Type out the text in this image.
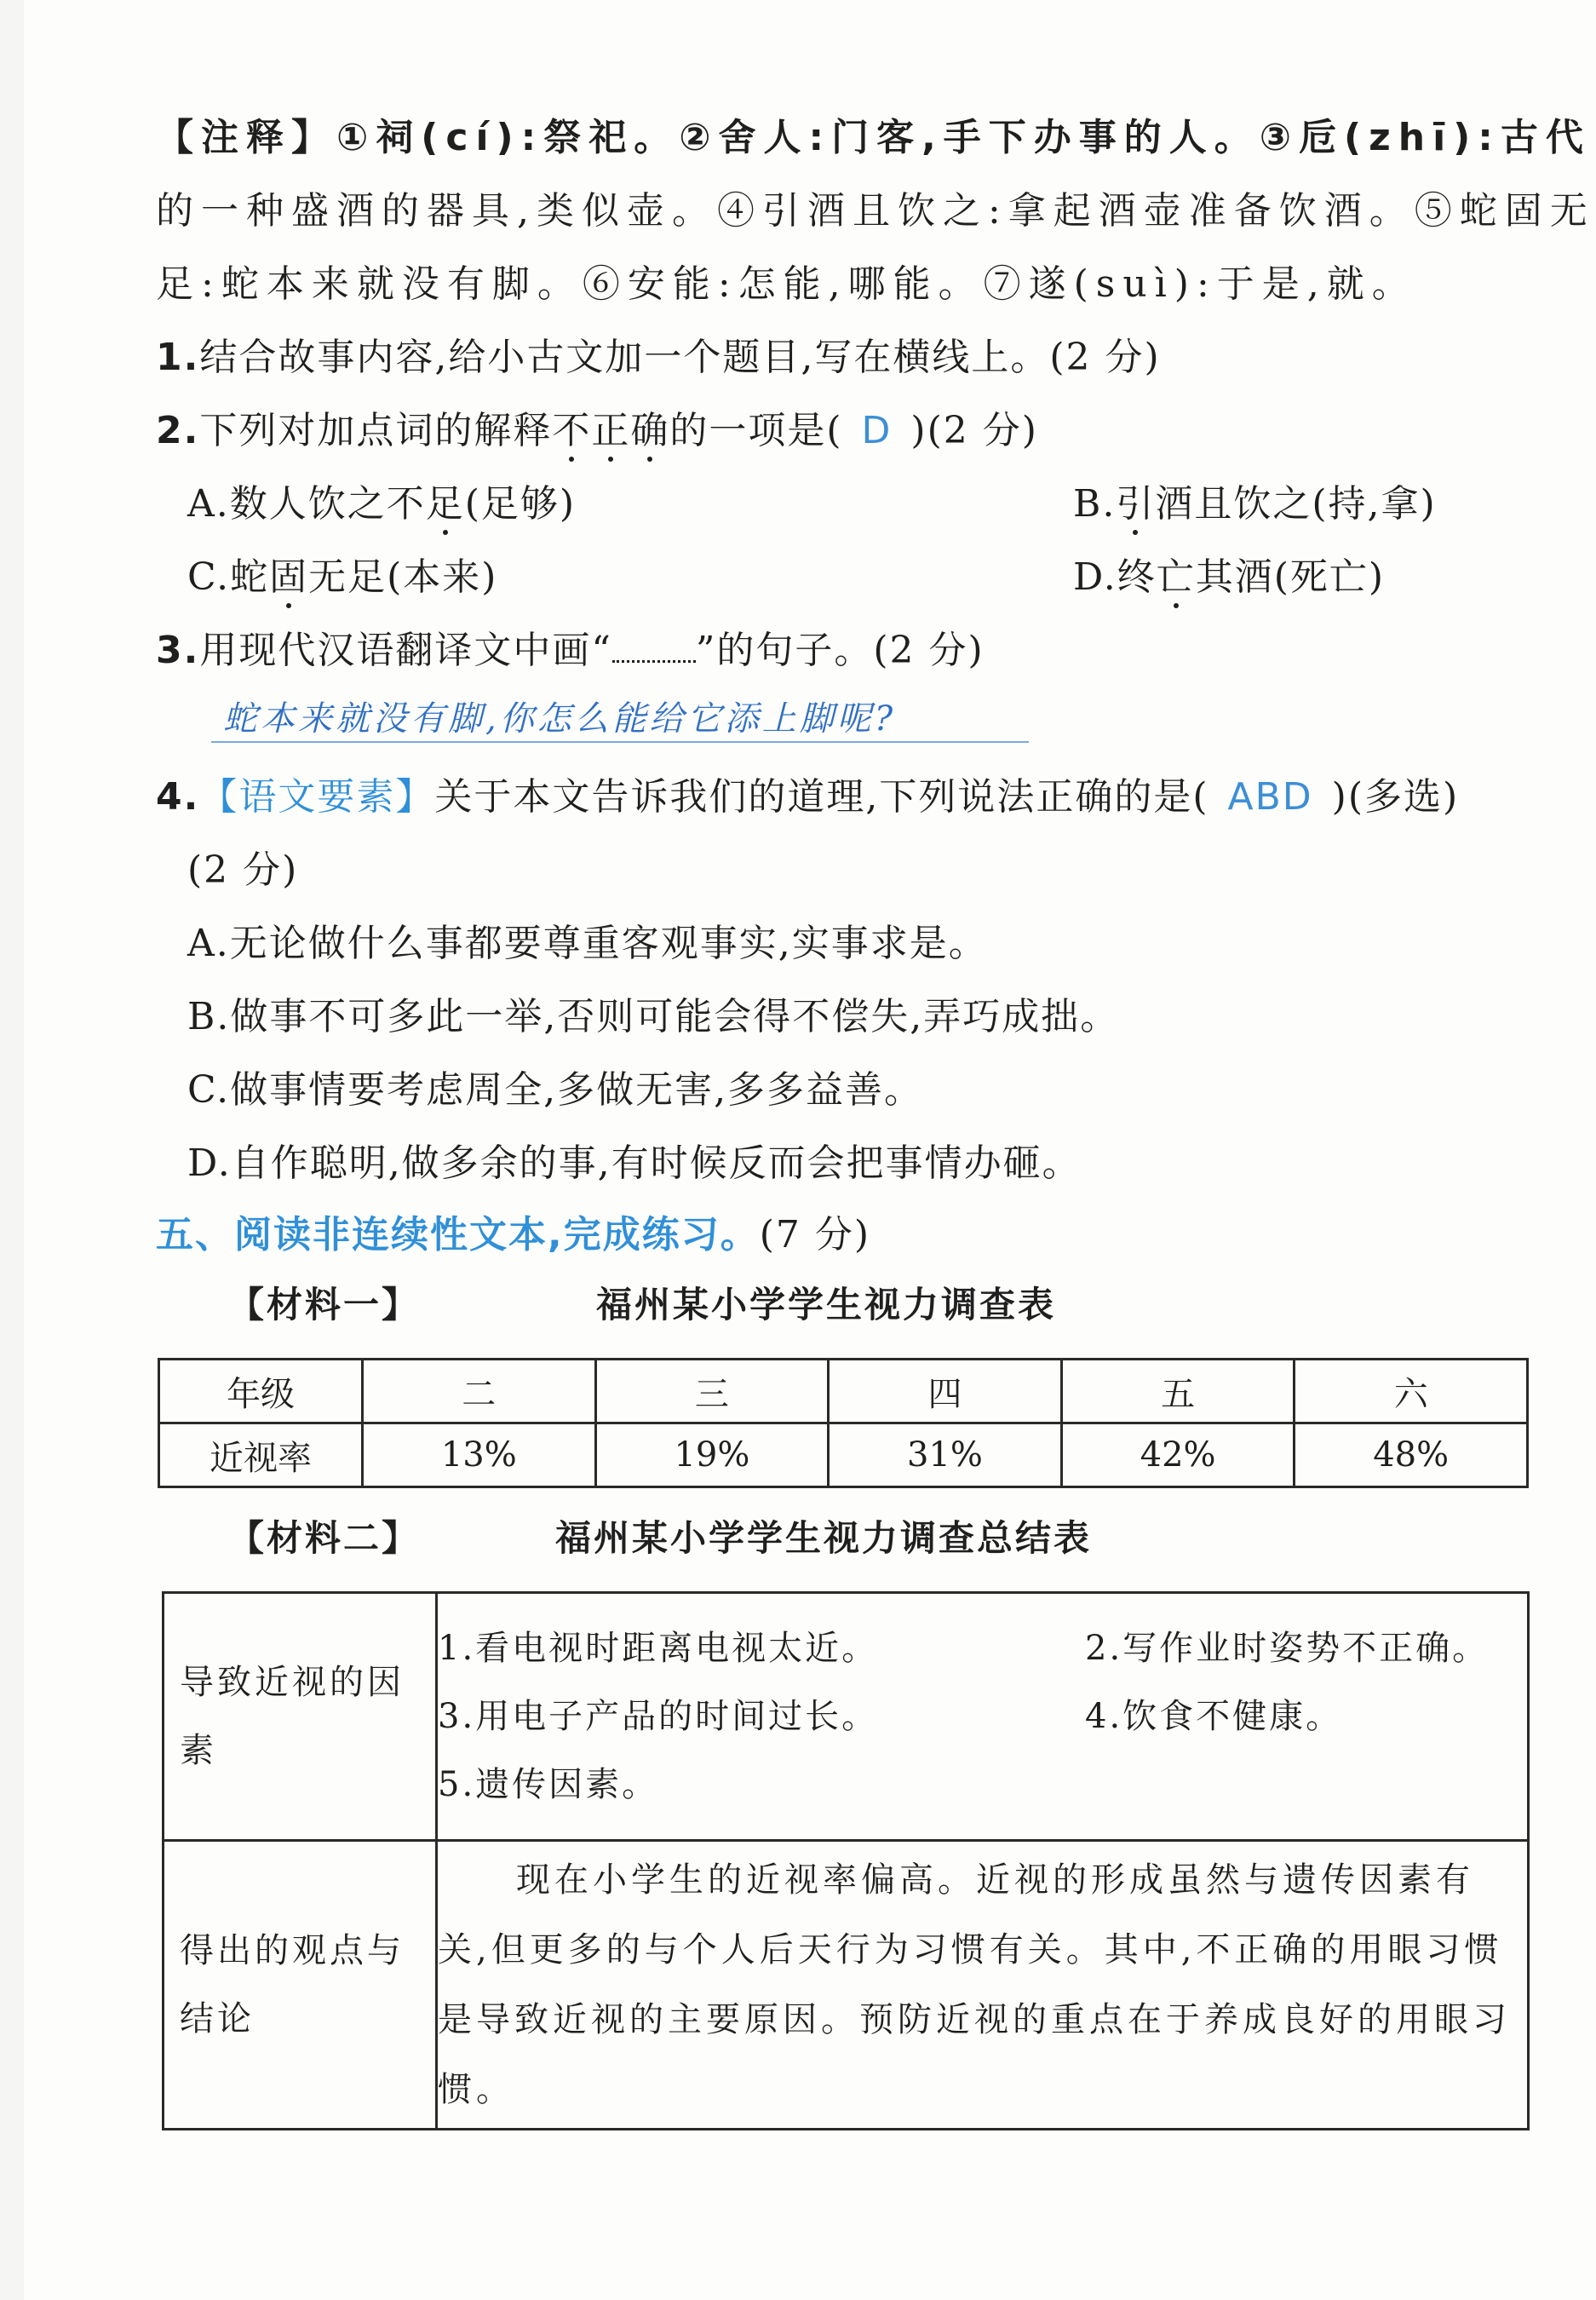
【注释】①祠(cí):祭祀。②舍人:门客,手下办事的人。③卮(zhī):古代
的一种盛酒的器具,类似壶。④引酒且饮之:拿起酒壶准备饮酒。⑤蛇固无
足:蛇本来就没有脚。⑥安能:怎能,哪能。⑦遂(suì):于是,就。
1.结合故事内容,给小古文加一个题目,写在横线上。(2 分)
2.下列对加点词的解释不正确的一项是( D )(2 分)
A.数人饮之不足(足够)	B.引酒且饮之(持,拿)
C.蛇固无足(本来)	D.终亡其酒(死亡)
3.用现代汉语翻译文中画“ ”的句子。(2 分)
蛇本来就没有脚,你怎么能给它添上脚呢?
4.【语文要素】关于本文告诉我们的道理,下列说法正确的是( ABD )(多选)
(2 分)
A.无论做什么事都要尊重客观事实,实事求是。
B.做事不可多此一举,否则可能会得不偿失,弄巧成拙。
C.做事情要考虑周全,多做无害,多多益善。
D.自作聪明,做多余的事,有时候反而会把事情办砸。
五、阅读非连续性文本,完成练习。(7 分)
【材料一】	福州某小学学生视力调查表
年级	二	三	四	五	六
近视率	13%	19%	31%	42%	48%
【材料二】	福州某小学学生视力调查总结表
导致近视的因素	1.看电视时距离电视太近。 2.写作业时姿势不正确。
3.用电子产品的时间过长。 4.饮食不健康。
5.遗传因素。

得出的观点与结论	现在小学生的近视率偏高。近视的形成虽然与遗传因素有关,但更多的与个人后天行为习惯有关。其中,不正确的用眼习惯是导致近视的主要原因。预防近视的重点在于养成良好的用眼习惯。
